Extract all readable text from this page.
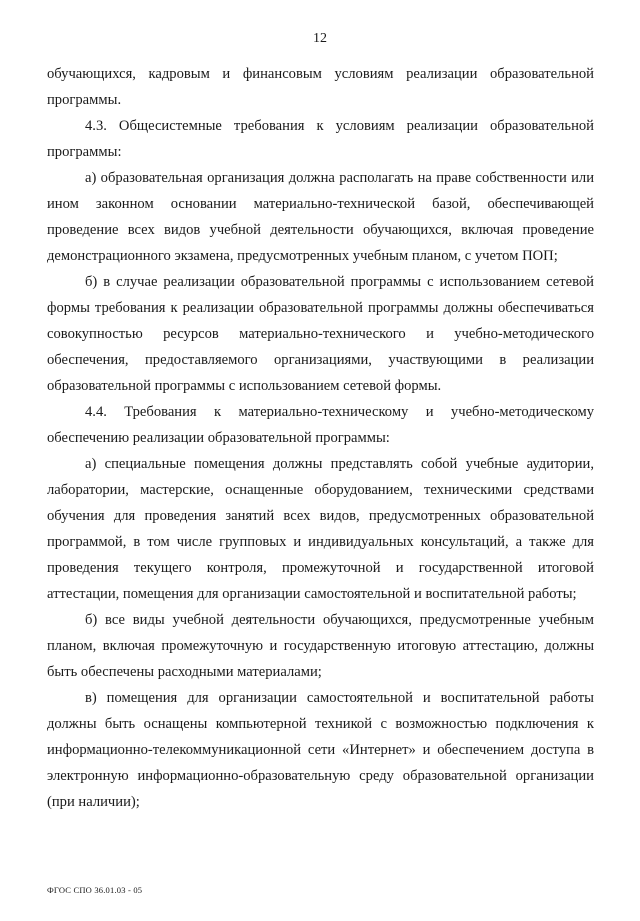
12

обучающихся, кадровым и финансовым условиям реализации образовательной программы.

4.3. Общесистемные требования к условиям реализации образовательной программы:

а) образовательная организация должна располагать на праве собственности или ином законном основании материально-технической базой, обеспечивающей проведение всех видов учебной деятельности обучающихся, включая проведение демонстрационного экзамена, предусмотренных учебным планом, с учетом ПОП;

б) в случае реализации образовательной программы с использованием сетевой формы требования к реализации образовательной программы должны обеспечиваться совокупностью ресурсов материально-технического и учебно-методического обеспечения, предоставляемого организациями, участвующими в реализации образовательной программы с использованием сетевой формы.

4.4. Требования к материально-техническому и учебно-методическому обеспечению реализации образовательной программы:

а) специальные помещения должны представлять собой учебные аудитории, лаборатории, мастерские, оснащенные оборудованием, техническими средствами обучения для проведения занятий всех видов, предусмотренных образовательной программой, в том числе групповых и индивидуальных консультаций, а также для проведения текущего контроля, промежуточной и государственной итоговой аттестации, помещения для организации самостоятельной и воспитательной работы;

б) все виды учебной деятельности обучающихся, предусмотренные учебным планом, включая промежуточную и государственную итоговую аттестацию, должны быть обеспечены расходными материалами;

в) помещения для организации самостоятельной и воспитательной работы должны быть оснащены компьютерной техникой с возможностью подключения к информационно-телекоммуникационной сети «Интернет» и обеспечением доступа в электронную информационно-образовательную среду образовательной организации (при наличии);

ФГОС СПО 36.01.03 - 05
